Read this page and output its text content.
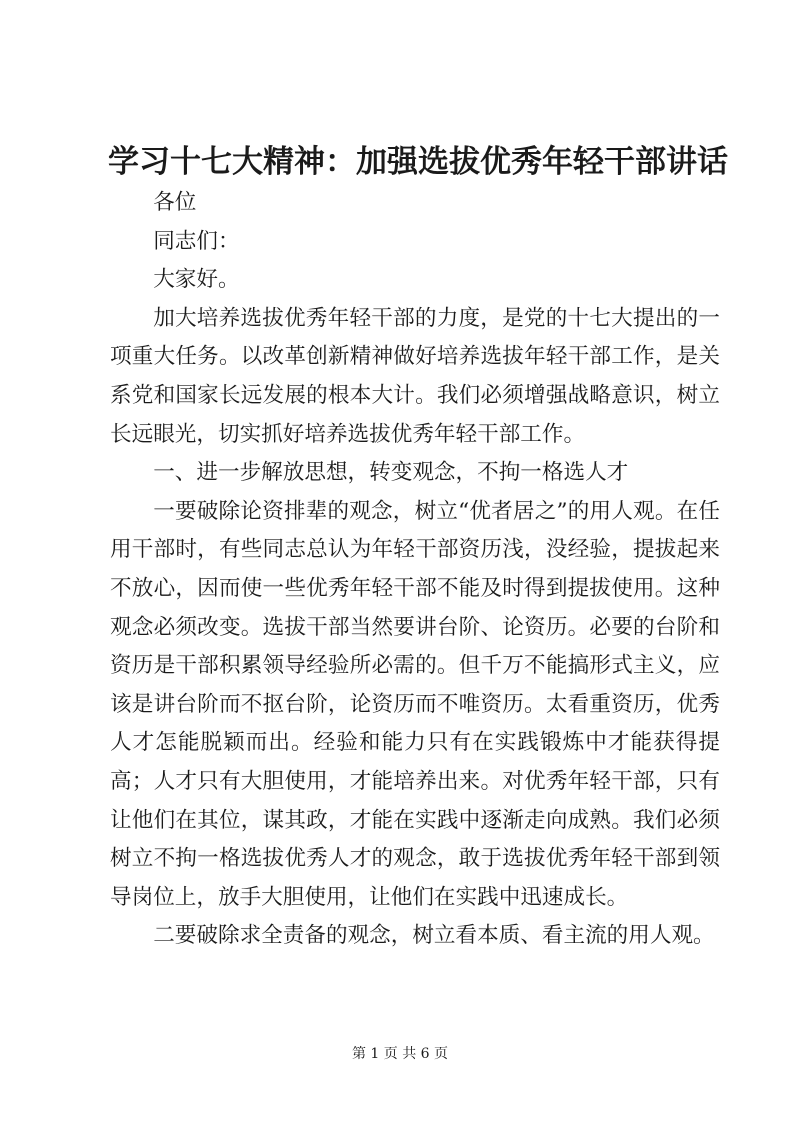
学习十七大精神：加强选拔优秀年轻干部讲话

各位

同志们：

大家好。

加大培养选拔优秀年轻干部的力度，是党的十七大提出的一项重大任务。以改革创新精神做好培养选拔年轻干部工作，是关系党和国家长远发展的根本大计。我们必须增强战略意识，树立长远眼光，切实抓好培养选拔优秀年轻干部工作。

一、进一步解放思想，转变观念，不拘一格选人才

一要破除论资排辈的观念，树立“优者居之”的用人观。在任用干部时，有些同志总认为年轻干部资历浅，没经验，提拔起来不放心，因而使一些优秀年轻干部不能及时得到提拔使用。这种观念必须改变。选拔干部当然要讲台阶、论资历。必要的台阶和资历是干部积累领导经验所必需的。但千万不能搞形式主义，应该是讲台阶而不抠台阶，论资历而不唯资历。太看重资历，优秀人才怎能脱颖而出。经验和能力只有在实践锻炼中才能获得提高；人才只有大胆使用，才能培养出来。对优秀年轻干部，只有让他们在其位，谋其政，才能在实践中逐渐走向成熟。我们必须树立不拘一格选拔优秀人才的观念，敢于选拔优秀年轻干部到领导岗位上，放手大胆使用，让他们在实践中迅速成长。

二要破除求全责备的观念，树立看本质、看主流的用人观。

第 1 页 共 6 页
